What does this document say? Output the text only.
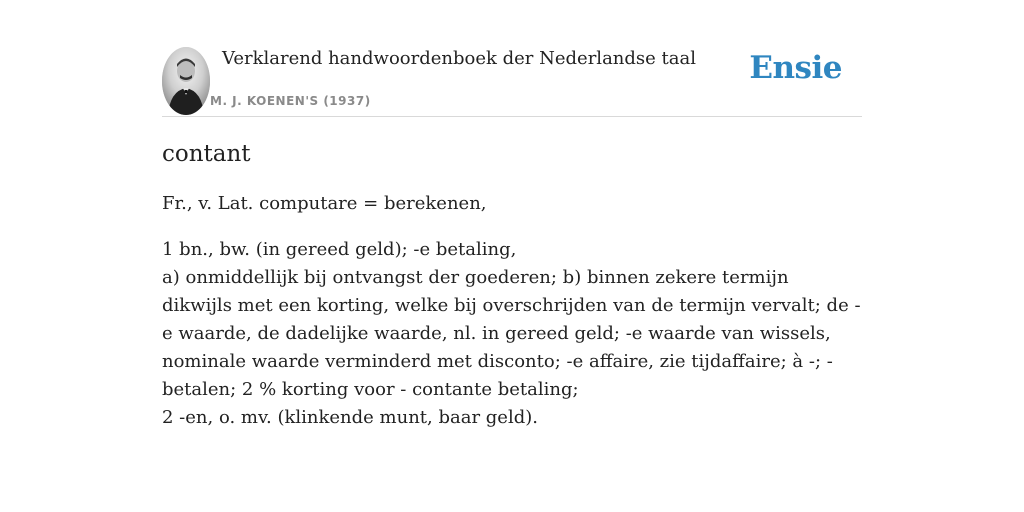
Verklarend handwoordenboek der Nederlandse taal
M. J. KOENEN'S (1937)
Ensie
contant
Fr., v. Lat. computare = berekenen,

1 bn., bw. (in gereed geld); -e betaling,

a) onmiddellijk bij ontvangst der goederen; b) binnen zekere termijn dikwijls met een korting, welke bij overschrijden van de termijn vervalt; de -e waarde, de dadelijke waarde, nl. in gereed geld; -e waarde van wissels, nominale waarde verminderd met disconto; -e affaire, zie tijdaffaire; à -; - betalen; 2 % korting voor - contante betaling;

2 -en, o. mv. (klinkende munt, baar geld).
